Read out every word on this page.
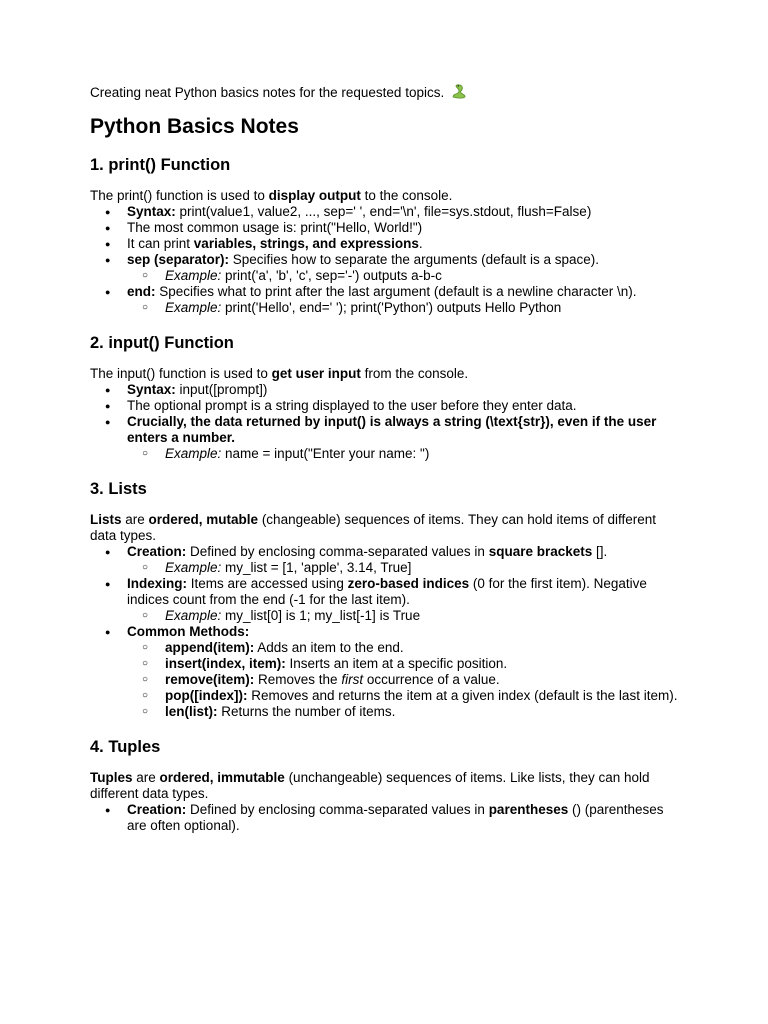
Creating neat Python basics notes for the requested topics.

Python Basics Notes
1. print() Function

The print() function is used to display output to the console.

● Syntax: print(value1, value2, ..., sep=' ', end='\n', file=sys.stdout, flush=False)
● The most common usage is: print("Hello, World!")
● It can print variables, strings, and expressions.
● sep (separator): Specifies how to separate the arguments (default is a space).
○ Example: print('a', 'b', 'c', sep='-') outputs a-b-c
● end: Specifies what to print after the last argument (default is a newline character \n).
○ Example: print('Hello', end=' '); print('Python') outputs Hello Python
2. input() Function

The input() function is used to get user input from the console.

● Syntax: input([prompt])
● The optional prompt is a string displayed to the user before they enter data.
● Crucially, the data returned by input() is always a string (\text{str}), even if the user enters a number.
○ Example: name = input("Enter your name: ")
3. Lists

Lists are ordered, mutable (changeable) sequences of items. They can hold items of different data types.

● Creation: Defined by enclosing comma-separated values in square brackets [].
○ Example: my_list = [1, 'apple', 3.14, True]
● Indexing: Items are accessed using zero-based indices (0 for the first item). Negative indices count from the end (-1 for the last item).
○ Example: my_list[0] is 1; my_list[-1] is True
● Common Methods:
○ append(item): Adds an item to the end.
○ insert(index, item): Inserts an item at a specific position.
○ remove(item): Removes the first occurrence of a value.
○ pop([index]): Removes and returns the item at a given index (default is the last item).
○ len(list): Returns the number of items.
4. Tuples

Tuples are ordered, immutable (unchangeable) sequences of items. Like lists, they can hold different data types.

● Creation: Defined by enclosing comma-separated values in parentheses () (parentheses are often optional).
